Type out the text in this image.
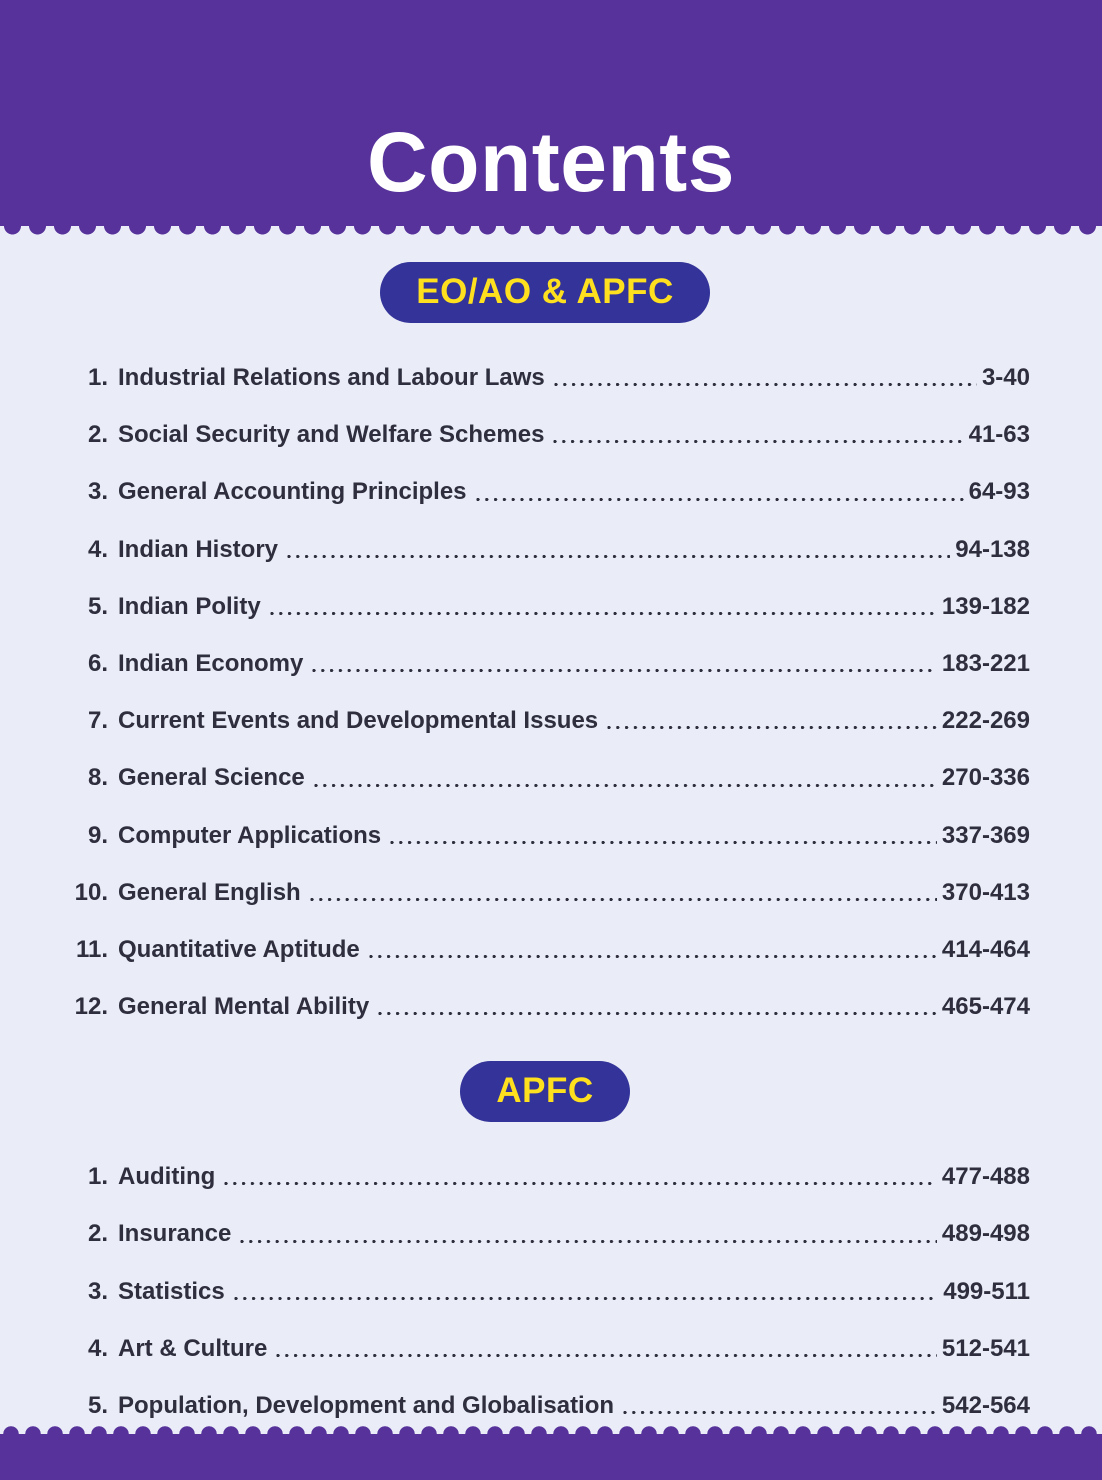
Contents
EO/AO & APFC
1. Industrial Relations and Labour Laws	3-40
2. Social Security and Welfare Schemes	41-63
3. General Accounting Principles	64-93
4. Indian History	94-138
5. Indian Polity	139-182
6. Indian Economy	183-221
7. Current Events and Developmental Issues	222-269
8. General Science	270-336
9. Computer Applications	337-369
10. General English	370-413
11. Quantitative Aptitude	414-464
12. General Mental Ability	465-474
APFC
1. Auditing	477-488
2. Insurance	489-498
3. Statistics	499-511
4. Art & Culture	512-541
5. Population, Development and Globalisation	542-564
